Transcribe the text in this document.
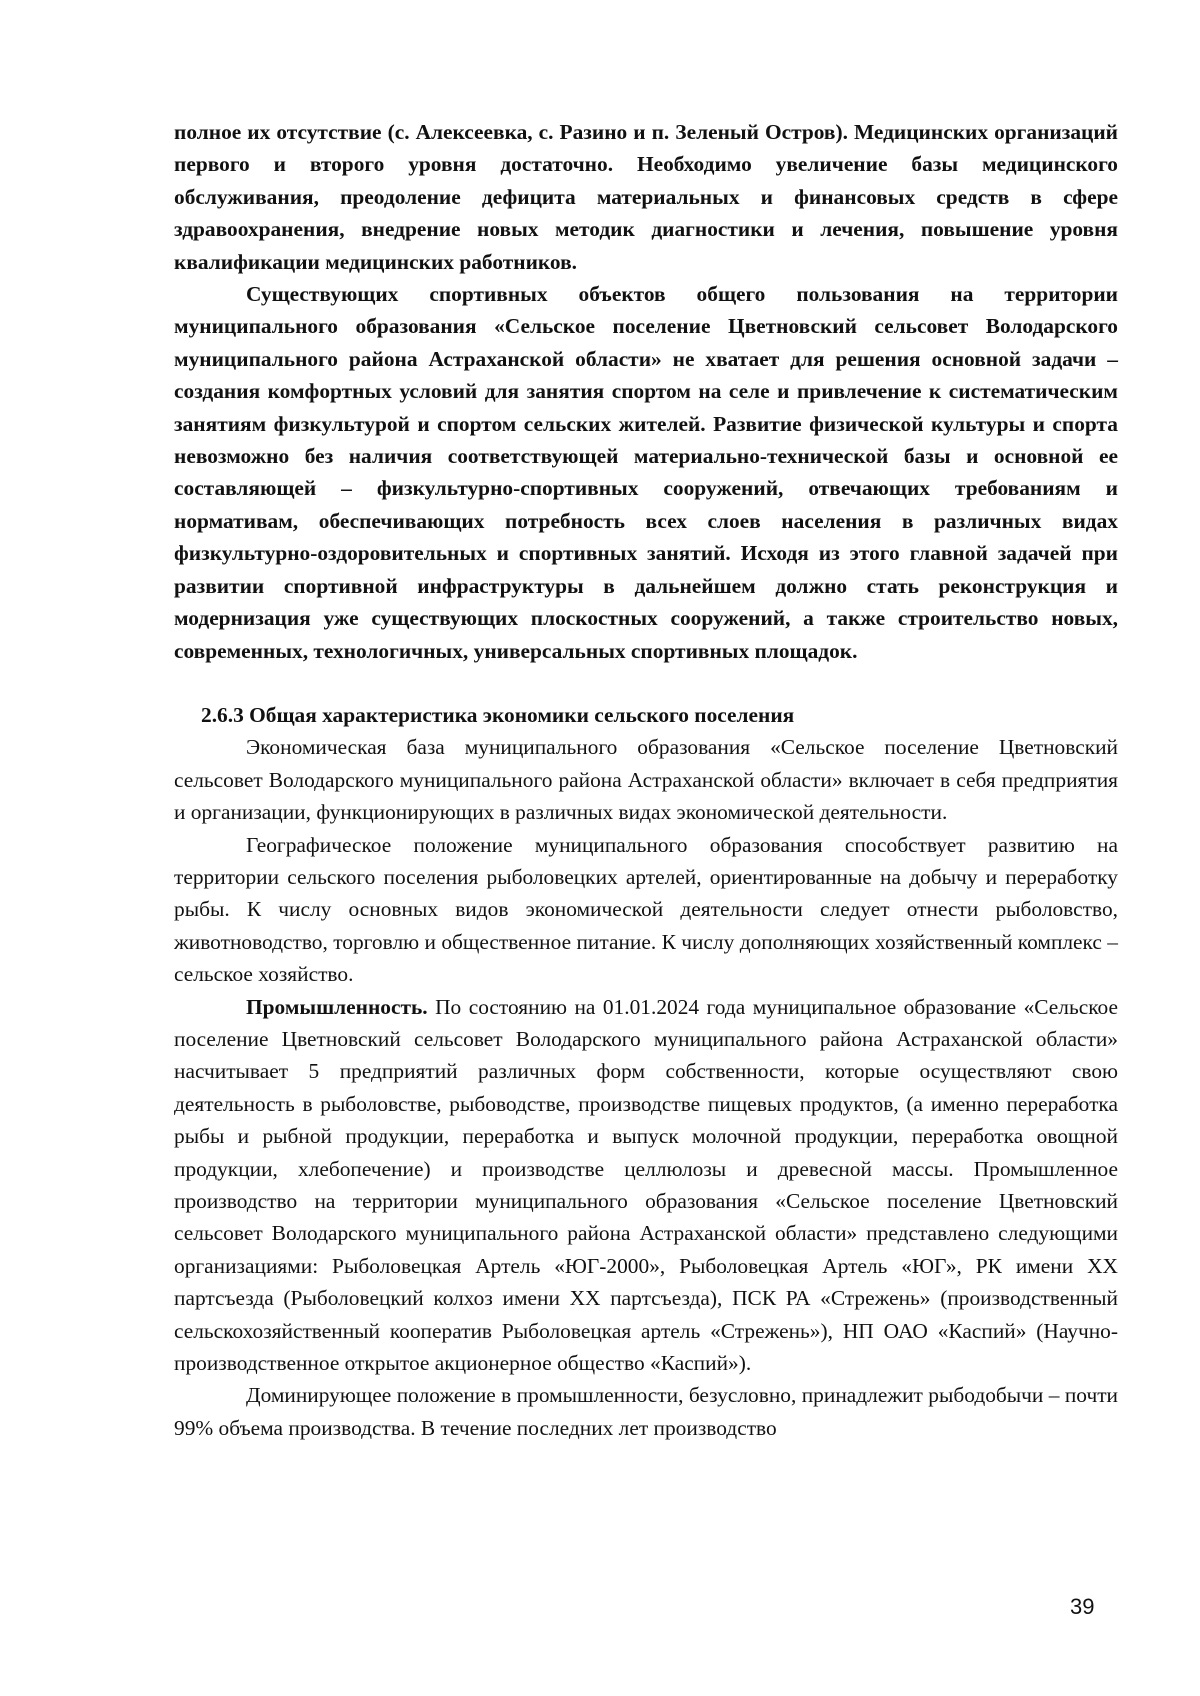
полное их отсутствие (с. Алексеевка, с. Разино и п. Зеленый Остров). Медицинских организаций первого и второго уровня достаточно. Необходимо увеличение базы медицинского обслуживания, преодоление дефицита материальных и финансовых средств в сфере здравоохранения, внедрение новых методик диагностики и лечения, повышение уровня квалификации медицинских работников.

Существующих спортивных объектов общего пользования на территории муниципального образования «Сельское поселение Цветновский сельсовет Володарского муниципального района Астраханской области» не хватает для решения основной задачи – создания комфортных условий для занятия спортом на селе и привлечение к систематическим занятиям физкультурой и спортом сельских жителей. Развитие физической культуры и спорта невозможно без наличия соответствующей материально-технической базы и основной ее составляющей – физкультурно-спортивных сооружений, отвечающих требованиям и нормативам, обеспечивающих потребность всех слоев населения в различных видах физкультурно-оздоровительных и спортивных занятий. Исходя из этого главной задачей при развитии спортивной инфраструктуры в дальнейшем должно стать реконструкция и модернизация уже существующих плоскостных сооружений, а также строительство новых, современных, технологичных, универсальных спортивных площадок.

2.6.3 Общая характеристика экономики сельского поселения

Экономическая база муниципального образования «Сельское поселение Цветновский сельсовет Володарского муниципального района Астраханской области» включает в себя предприятия и организации, функционирующих в различных видах экономической деятельности.

Географическое положение муниципального образования способствует развитию на территории сельского поселения рыболовецких артелей, ориентированные на добычу и переработку рыбы. К числу основных видов экономической деятельности следует отнести рыболовство, животноводство, торговлю и общественное питание. К числу дополняющих хозяйственный комплекс – сельское хозяйство.

Промышленность. По состоянию на 01.01.2024 года муниципальное образование «Сельское поселение Цветновский сельсовет Володарского муниципального района Астраханской области» насчитывает 5 предприятий различных форм собственности, которые осуществляют свою деятельность в рыболовстве, рыбоводстве, производстве пищевых продуктов, (а именно переработка рыбы и рыбной продукции, переработка и выпуск молочной продукции, переработка овощной продукции, хлебопечение) и производстве целлюлозы и древесной массы. Промышленное производство на территории муниципального образования «Сельское поселение Цветновский сельсовет Володарского муниципального района Астраханской области» представлено следующими организациями: Рыболовецкая Артель «ЮГ-2000», Рыболовецкая Артель «ЮГ», РК имени XX партсъезда (Рыболовецкий колхоз имени XX партсъезда), ПСК РА «Стрежень» (производственный сельскохозяйственный кооператив Рыболовецкая артель «Стрежень»), НП ОАО «Каспий» (Научно-производственное открытое акционерное общество «Каспий»).

Доминирующее положение в промышленности, безусловно, принадлежит рыбодобычи – почти 99% объема производства. В течение последних лет производство

39
